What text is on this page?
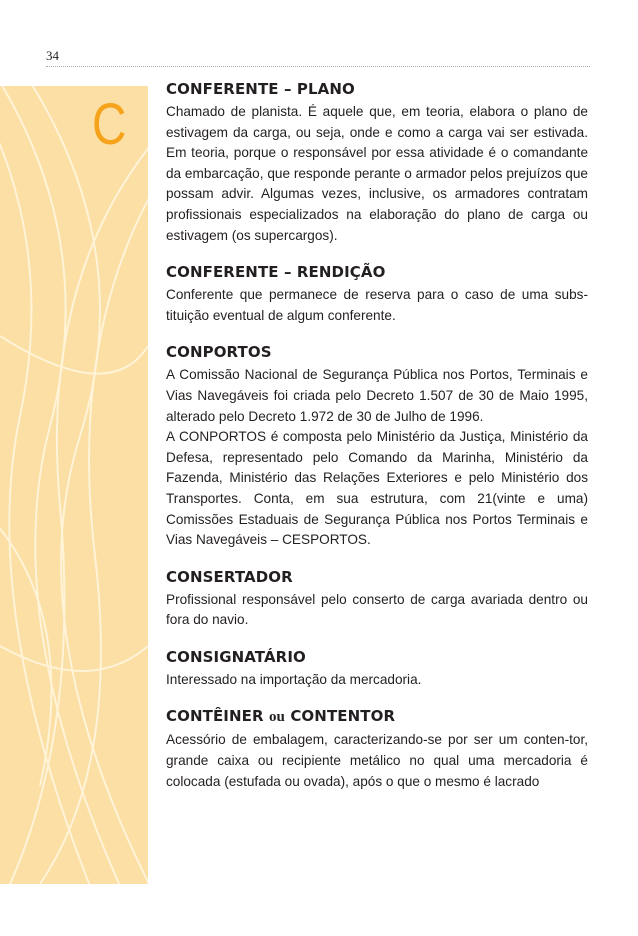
34
C
CONFERENTE – PLANO

Chamado de planista. É aquele que, em teoria, elabora o plano de estivagem da carga, ou seja, onde e como a carga vai ser estivada. Em teoria, porque o responsável por essa atividade é o comandante da embarcação, que responde perante o armador pelos prejuízos que possam advir. Algumas vezes, inclusive, os armadores contratam profissionais especializados na elaboração do plano de carga ou estivagem (os supercargos).

CONFERENTE – RENDIÇÃO

Conferente que permanece de reserva para o caso de uma subs-tituição eventual de algum conferente.

CONPORTOS

A Comissão Nacional de Segurança Pública nos Portos, Terminais e Vias Navegáveis foi criada pelo Decreto 1.507 de 30 de Maio 1995, alterado pelo Decreto 1.972 de 30 de Julho de 1996.

A CONPORTOS é composta pelo Ministério da Justiça, Ministério da Defesa, representado pelo Comando da Marinha, Ministério da Fazenda, Ministério das Relações Exteriores e pelo Ministério dos Transportes. Conta, em sua estrutura, com 21(vinte e uma) Comissões Estaduais de Segurança Pública nos Portos Terminais e Vias Navegáveis – CESPORTOS.

CONSERTADOR

Profissional responsável pelo conserto de carga avariada dentro ou fora do navio.

CONSIGNATÁRIO

Interessado na importação da mercadoria.

CONTÊINER ou CONTENTOR

Acessório de embalagem, caracterizando-se por ser um conten-tor, grande caixa ou recipiente metálico no qual uma mercadoria é colocada (estufada ou ovada), após o que o mesmo é lacrado
